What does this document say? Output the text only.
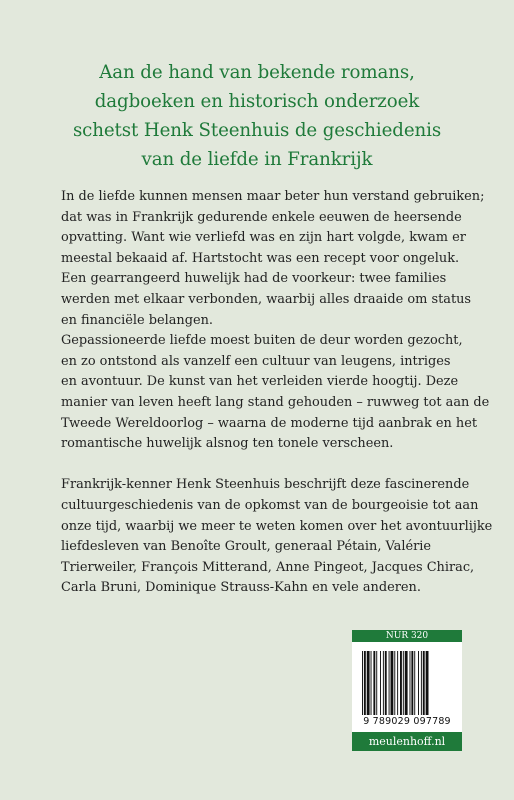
Aan de hand van bekende romans,
dagboeken en historisch onderzoek
schetst Henk Steenhuis de geschiedenis
van de liefde in Frankrijk
In de liefde kunnen mensen maar beter hun verstand gebruiken;
dat was in Frankrijk gedurende enkele eeuwen de heersende
opvatting. Want wie verliefd was en zijn hart volgde, kwam er
meestal bekaaid af. Hartstocht was een recept voor ongeluk.
Een gearrangeerd huwelijk had de voorkeur: twee families
werden met elkaar verbonden, waarbij alles draaide om status
en financiële belangen.
Gepassioneerde liefde moest buiten de deur worden gezocht,
en zo ontstond als vanzelf een cultuur van leugens, intriges
en avontuur. De kunst van het verleiden vierde hoogtij. Deze
manier van leven heeft lang stand gehouden – ruwweg tot aan de
Tweede Wereldoorlog – waarna de moderne tijd aanbrak en het
romantische huwelijk alsnog ten tonele verscheen.
Frankrijk-kenner Henk Steenhuis beschrijft deze fascinerende
cultuurgeschiedenis van de opkomst van de bourgeoisie tot aan
onze tijd, waarbij we meer te weten komen over het avontuurlijke
liefdesleven van Benoîte Groult, generaal Pétain, Valérie
Trierweiler, François Mitterand, Anne Pingeot, Jacques Chirac,
Carla Bruni, Dominique Strauss-Kahn en vele anderen.
NUR 320
9 789029 097789
meulenhoff.nl
